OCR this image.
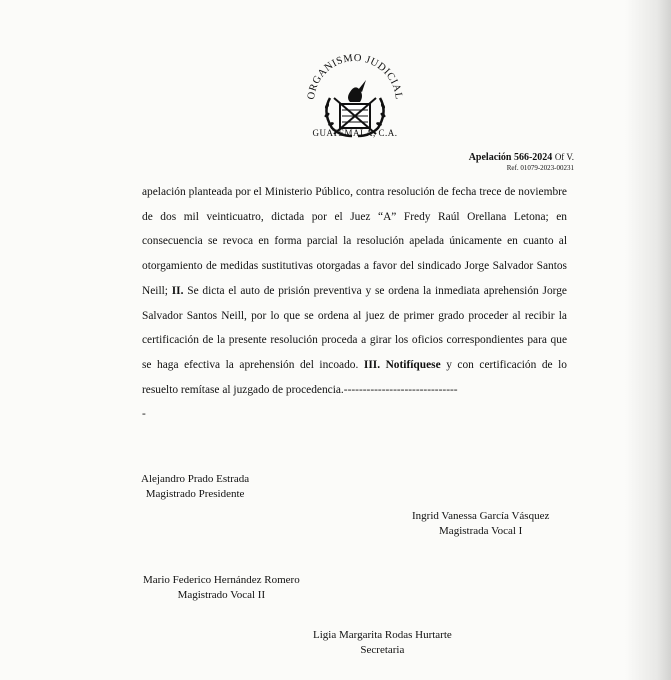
ORGANISMO JUDICIAL
GUATEMALA, C.A.
Apelación 566-2024 Of V.
Ref. 01079-2023-00231

apelación planteada por el Ministerio Público, contra resolución de fecha trece de noviembre de dos mil veinticuatro, dictada por el Juez “A” Fredy Raúl Orellana Letona; en consecuencia se revoca en forma parcial la resolución apelada únicamente en cuanto al otorgamiento de medidas sustitutivas otorgadas a favor del sindicado Jorge Salvador Santos Neill; II. Se dicta el auto de prisión preventiva y se ordena la inmediata aprehensión Jorge Salvador Santos Neill, por lo que se ordena al juez de primer grado proceder al recibir la certificación de la presente resolución proceda a girar los oficios correspondientes para que se haga efectiva la aprehensión del incoado. III. Notifíquese y con certificación de lo resuelto remítase al juzgado de procedencia.------------------------------

-
Alejandro Prado Estrada
Magistrado Presidente
Ingrid Vanessa García Vásquez
Magistrada Vocal I
Mario Federico Hernández Romero
Magistrado Vocal II
Ligia Margarita Rodas Hurtarte
Secretaria
